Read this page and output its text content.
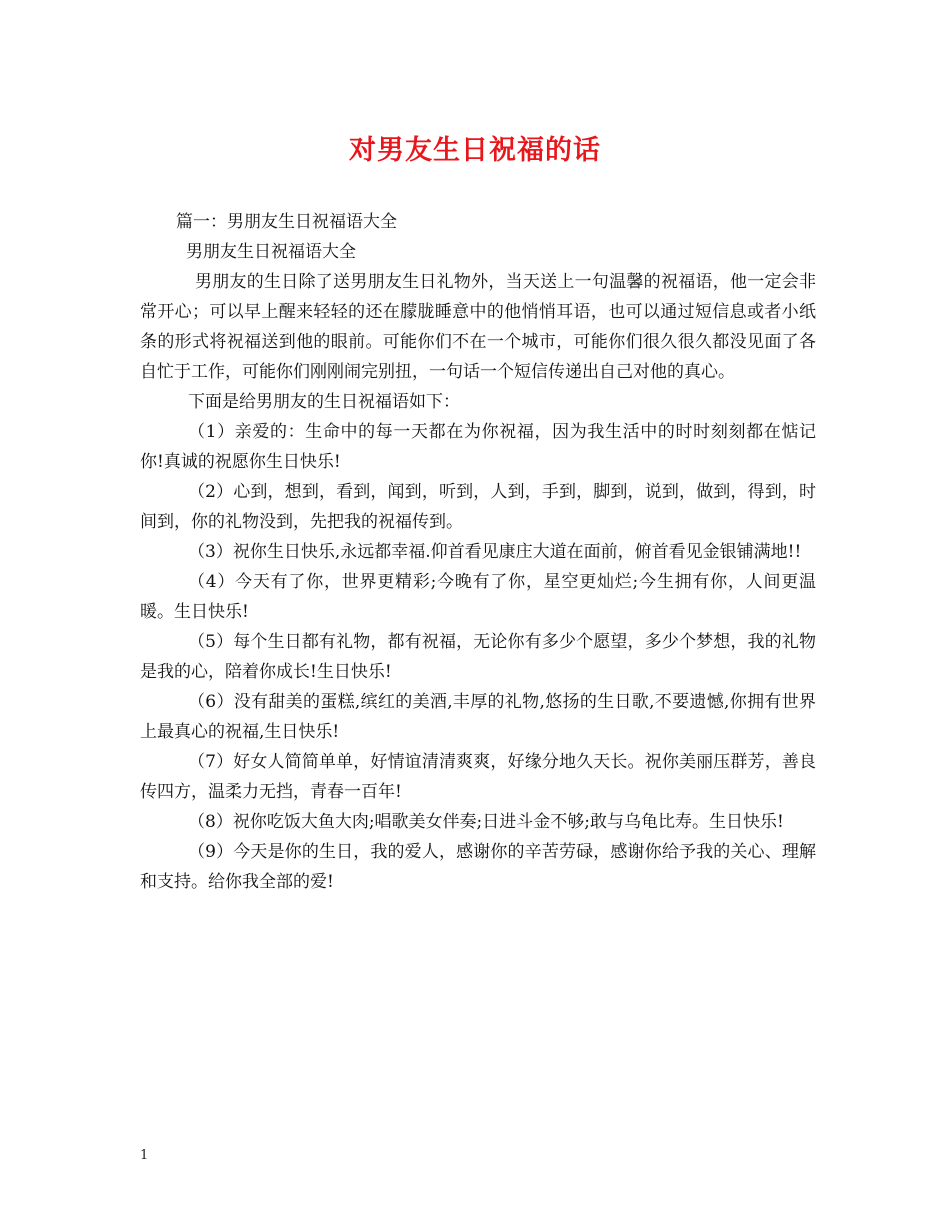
对男友生日祝福的话

篇一：男朋友生日祝福语大全

男朋友生日祝福语大全

男朋友的生日除了送男朋友生日礼物外，当天送上一句温馨的祝福语，他一定会非常开心；可以早上醒来轻轻的还在朦胧睡意中的他悄悄耳语，也可以通过短信息或者小纸条的形式将祝福送到他的眼前。可能你们不在一个城市，可能你们很久很久都没见面了各自忙于工作，可能你们刚刚闹完别扭，一句话一个短信传递出自己对他的真心。

下面是给男朋友的生日祝福语如下：

（1）亲爱的：生命中的每一天都在为你祝福，因为我生活中的时时刻刻都在惦记你!真诚的祝愿你生日快乐!

（2）心到，想到，看到，闻到，听到，人到，手到，脚到，说到，做到，得到，时间到，你的礼物没到，先把我的祝福传到。

（3）祝你生日快乐,永远都幸福.仰首看见康庄大道在面前，俯首看见金银铺满地!!

（4）今天有了你，世界更精彩;今晚有了你，星空更灿烂;今生拥有你，人间更温暖。生日快乐!

（5）每个生日都有礼物，都有祝福，无论你有多少个愿望，多少个梦想，我的礼物是我的心，陪着你成长!生日快乐!

（6）没有甜美的蛋糕,缤红的美酒,丰厚的礼物,悠扬的生日歌,不要遗憾,你拥有世界上最真心的祝福,生日快乐!

（7）好女人简简单单，好情谊清清爽爽，好缘分地久天长。祝你美丽压群芳，善良传四方，温柔力无挡，青春一百年!

（8）祝你吃饭大鱼大肉;唱歌美女伴奏;日进斗金不够;敢与乌龟比寿。生日快乐!

（9）今天是你的生日，我的爱人，感谢你的辛苦劳碌，感谢你给予我的关心、理解和支持。给你我全部的爱!

1
